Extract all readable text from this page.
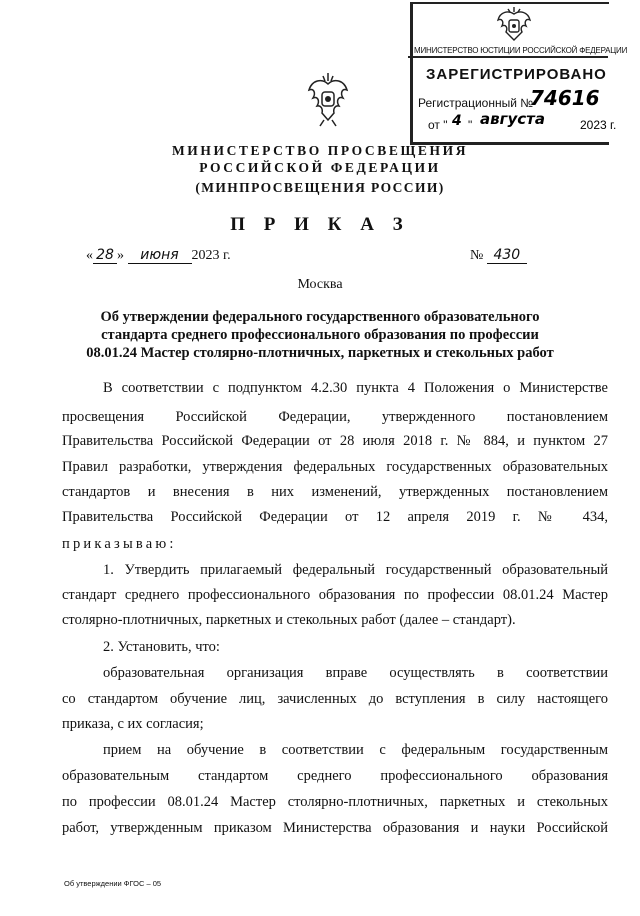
МИНИСТЕРСТВО ЮСТИЦИИ РОССИЙСКОЙ ФЕДЕРАЦИИ
ЗАРЕГИСТРИРОВАНО
Регистрационный №
74616
от " 4 " августа	2023 г.
МИНИСТЕРСТВО ПРОСВЕЩЕНИЯ
РОССИЙСКОЙ ФЕДЕРАЦИИ
(МИНПРОСВЕЩЕНИЯ РОССИИ)
П Р И К А З
« 28 » июня 2023 г.	№ 430
Москва
Об утверждении федерального государственного образовательного
стандарта среднего профессионального образования по профессии
08.01.24 Мастер столярно-плотничных, паркетных и стекольных работ
В соответствии с подпунктом 4.2.30 пункта 4 Положения о Министерстве
просвещения Российской Федерации, утвержденного постановлением
Правительства Российской Федерации от 28 июля 2018 г. № 884, и пунктом 27
Правил разработки, утверждения федеральных государственных образовательных
стандартов и внесения в них изменений, утвержденных постановлением
Правительства Российской Федерации от 12 апреля 2019 г. № 434,
приказываю:
1. Утвердить прилагаемый федеральный государственный образовательный
стандарт среднего профессионального образования по профессии 08.01.24 Мастер
столярно-плотничных, паркетных и стекольных работ (далее – стандарт).
2. Установить, что:
образовательная организация вправе осуществлять в соответствии
со стандартом обучение лиц, зачисленных до вступления в силу настоящего
приказа, с их согласия;
прием на обучение в соответствии с федеральным государственным
образовательным стандартом среднего профессионального образования
по профессии 08.01.24 Мастер столярно-плотничных, паркетных и стекольных
работ, утвержденным приказом Министерства образования и науки Российской
Об утверждении ФГОС – 05
